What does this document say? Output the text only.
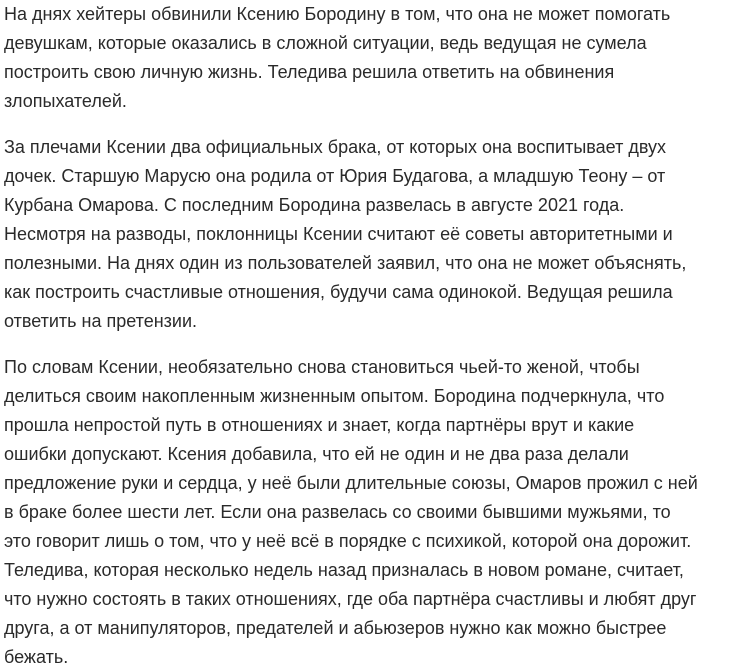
На днях хейтеры обвинили Ксению Бородину в том, что она не может помогать
девушкам, которые оказались в сложной ситуации, ведь ведущая не сумела
построить свою личную жизнь. Теледива решила ответить на обвинения
злопыхателей.
За плечами Ксении два официальных брака, от которых она воспитывает двух
дочек. Старшую Марусю она родила от Юрия Будагова, а младшую Теону – от
Курбана Омарова. С последним Бородина развелась в августе 2021 года.
Несмотря на разводы, поклонницы Ксении считают её советы авторитетными и
полезными. На днях один из пользователей заявил, что она не может объяснять,
как построить счастливые отношения, будучи сама одинокой. Ведущая решила
ответить на претензии.
По словам Ксении, необязательно снова становиться чьей-то женой, чтобы
делиться своим накопленным жизненным опытом. Бородина подчеркнула, что
прошла непростой путь в отношениях и знает, когда партнёры врут и какие
ошибки допускают. Ксения добавила, что ей не один и не два раза делали
предложение руки и сердца, у неё были длительные союзы, Омаров прожил с ней
в браке более шести лет. Если она развелась со своими бывшими мужьями, то
это говорит лишь о том, что у неё всё в порядке с психикой, которой она дорожит.
Теледива, которая несколько недель назад призналась в новом романе, считает,
что нужно состоять в таких отношениях, где оба партнёра счастливы и любят друг
друга, а от манипуляторов, предателей и абьюзеров нужно как можно быстрее
бежать.
